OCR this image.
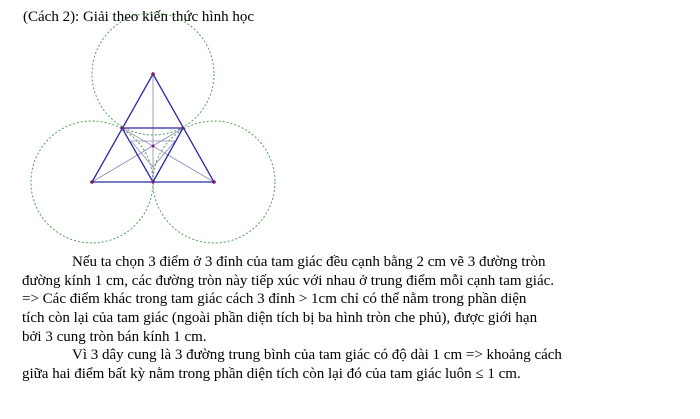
(Cách 2): Giải theo kiến thức hình học
Nếu ta chọn 3 điểm ở 3 đỉnh của tam giác đều cạnh bằng 2 cm vẽ 3 đường tròn
đường kính 1 cm, các đường tròn này tiếp xúc với nhau ở trung điểm mỗi cạnh tam giác.
=> Các điểm khác trong tam giác cách 3 đỉnh > 1cm chỉ có thể nằm trong phần diện
tích còn lại của tam giác (ngoài phần diện tích bị ba hình tròn che phủ), được giới hạn
bởi 3 cung tròn bán kính 1 cm.
Vì 3 dây cung là 3 đường trung bình của tam giác có độ dài 1 cm => khoảng cách
giữa hai điểm bất kỳ nằm trong phần diện tích còn lại đó của tam giác luôn ≤ 1 cm.
